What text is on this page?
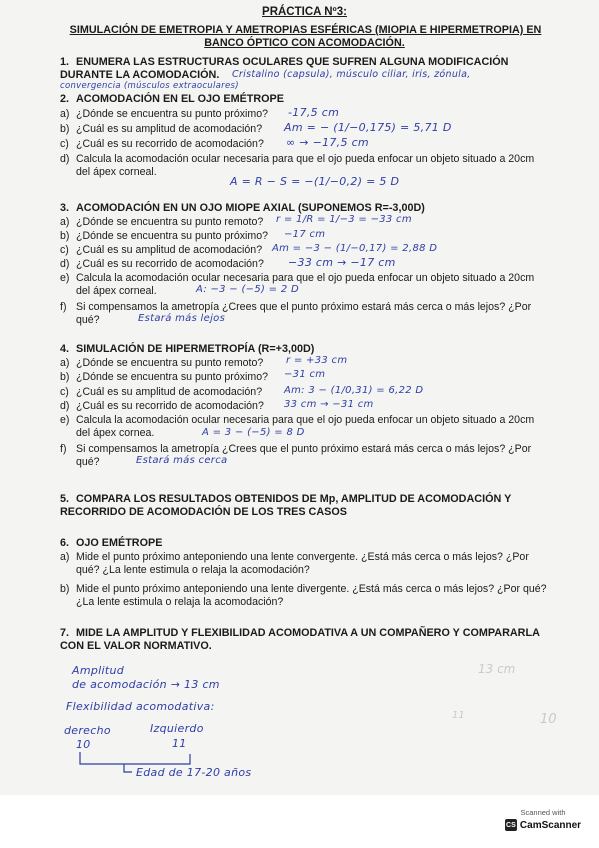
PRÁCTICA Nº3:
SIMULACIÓN DE EMETROPIA Y AMETROPIAS ESFÉRICAS (MIOPIA E HIPERMETROPIA) EN
BANCO ÓPTICO CON ACOMODACIÓN.
1. ENUMERA LAS ESTRUCTURAS OCULARES QUE SUFREN ALGUNA MODIFICACIÓN DURANTE LA ACOMODACIÓN.	Cristalino (capsula), músculo ciliar, iris, zónula,
convergencia (músculos extraoculares)
2. ACOMODACIÓN EN EL OJO EMÉTROPE
a) ¿Dónde se encuentra su punto próximo?	-17,5 cm
b) ¿Cuál es su amplitud de acomodación?	Am = − (1/−0,175) = 5,71 D
c) ¿Cuál es su recorrido de acomodación?	∞ → −17,5 cm
d) Calcula la acomodación ocular necesaria para que el ojo pueda enfocar un objeto situado a 20cm del ápex corneal.
A = R − S = −(1/−0,2) = 5 D
3. ACOMODACIÓN EN UN OJO MIOPE AXIAL (SUPONEMOS R=-3,00D)
a) ¿Dónde se encuentra su punto remoto?	r = 1/R = 1/−3 = −33 cm
b) ¿Dónde se encuentra su punto próximo?	−17 cm
c) ¿Cuál es su amplitud de acomodación? Am = −3 − (1/−0,17) = 2,88 D
d) ¿Cuál es su recorrido de acomodación?	−33 cm → −17 cm
e) Calcula la acomodación ocular necesaria para que el ojo pueda enfocar un objeto situado a 20cm del ápex corneal.	A: −3 − (−5) = 2 D
f) Si compensamos la ametropía ¿Crees que el punto próximo estará más cerca o más lejos? ¿Por qué?	Estará más lejos
4. SIMULACIÓN DE HIPERMETROPÍA (R=+3,00D)
a) ¿Dónde se encuentra su punto remoto?	r = +33 cm
b) ¿Dónde se encuentra su punto próximo?	−31 cm
c) ¿Cuál es su amplitud de acomodación?	Am: 3 − (1/0,31) = 6,22 D
d) ¿Cuál es su recorrido de acomodación?	33 cm → −31 cm
e) Calcula la acomodación ocular necesaria para que el ojo pueda enfocar un objeto situado a 20cm del ápex cornea.	A = 3 − (−5) = 8 D
f) Si compensamos la ametropía ¿Crees que el punto próximo estará más cerca o más lejos? ¿Por qué?	Estará más cerca
5. COMPARA LOS RESULTADOS OBTENIDOS DE Mp, AMPLITUD DE ACOMODACIÓN Y RECORRIDO DE ACOMODACIÓN DE LOS TRES CASOS
6. OJO EMÉTROPE
a) Mide el punto próximo anteponiendo una lente convergente. ¿Está más cerca o más lejos? ¿Por qué? ¿La lente estimula o relaja la acomodación?
b) Mide el punto próximo anteponiendo una lente divergente. ¿Está más cerca o más lejos? ¿Por qué? ¿La lente estimula o relaja la acomodación?
7. MIDE LA AMPLITUD Y FLEXIBILIDAD ACOMODATIVA A UN COMPAÑERO Y COMPARARLA CON EL VALOR NORMATIVO.
13 cm
11	10
Amplitud
de acomodación → 13 cm
Flexibilidad acomodativa:
derecho	Izquierdo
10	11
Edad de 17-20 años
Scanned with
CS CamScanner
